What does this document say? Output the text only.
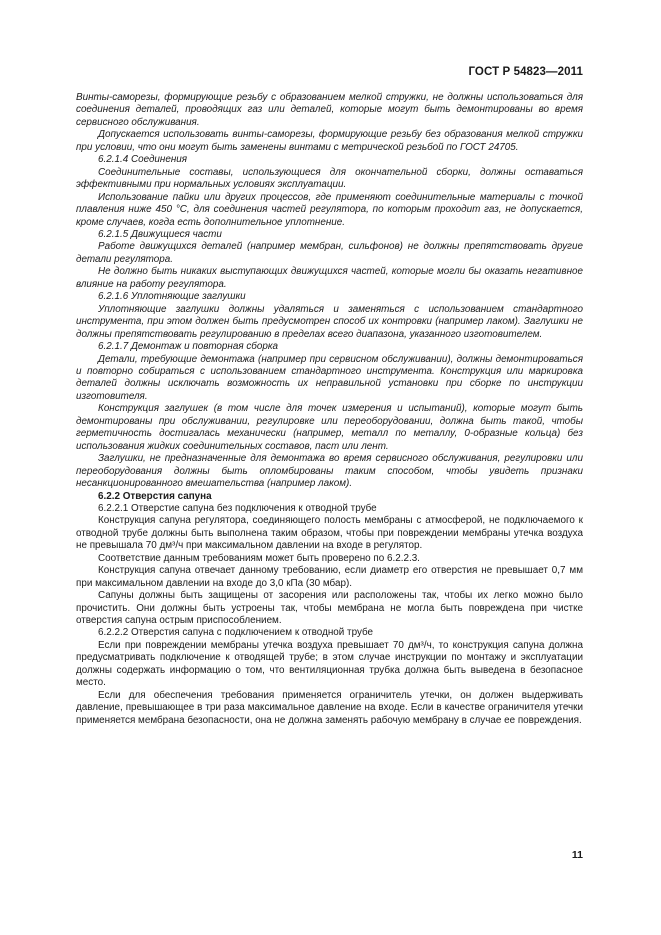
ГОСТ Р 54823—2011

Винты-саморезы, формирующие резьбу с образованием мелкой стружки, не должны использоваться для соединения деталей, проводящих газ или деталей, которые могут быть демонтированы во время сервисного обслуживания.

Допускается использовать винты-саморезы, формирующие резьбу без образования мелкой стружки при условии, что они могут быть заменены винтами с метрической резьбой по ГОСТ 24705.

6.2.1.4 Соединения

Соединительные составы, использующиеся для окончательной сборки, должны оставаться эффективными при нормальных условиях эксплуатации.

Использование пайки или других процессов, где применяют соединительные материалы с точкой плавления ниже 450 °С, для соединения частей регулятора, по которым проходит газ, не допускается, кроме случаев, когда есть дополнительное уплотнение.

6.2.1.5 Движущиеся части

Работе движущихся деталей (например мембран, сильфонов) не должны препятствовать другие детали регулятора.

Не должно быть никаких выступающих движущихся частей, которые могли бы оказать негативное влияние на работу регулятора.

6.2.1.6 Уплотняющие заглушки

Уплотняющие заглушки должны удаляться и заменяться с использованием стандартного инструмента, при этом должен быть предусмотрен способ их контровки (например лаком). Заглушки не должны препятствовать регулированию в пределах всего диапазона, указанного изготовителем.

6.2.1.7 Демонтаж и повторная сборка

Детали, требующие демонтажа (например при сервисном обслуживании), должны демонтироваться и повторно собираться с использованием стандартного инструмента. Конструкция или маркировка деталей должны исключать возможность их неправильной установки при сборке по инструкции изготовителя.

Конструкция заглушек (в том числе для точек измерения и испытаний), которые могут быть демонтированы при обслуживании, регулировке или переоборудовании, должна быть такой, чтобы герметичность достигалась механически (например, металл по металлу, 0-образные кольца) без использования жидких соединительных составов, паст или лент.

Заглушки, не предназначенные для демонтажа во время сервисного обслуживания, регулировки или переоборудования должны быть опломбированы таким способом, чтобы увидеть признаки несанкционированного вмешательства (например лаком).

6.2.2 Отверстия сапуна

6.2.2.1 Отверстие сапуна без подключения к отводной трубе

Конструкция сапуна регулятора, соединяющего полость мембраны с атмосферой, не подключаемого к отводной трубе должны быть выполнена таким образом, чтобы при повреждении мембраны утечка воздуха не превышала 70 дм³/ч при максимальном давлении на входе в регулятор.

Соответствие данным требованиям может быть проверено по 6.2.2.3.

Конструкция сапуна отвечает данному требованию, если диаметр его отверстия не превышает 0,7 мм при максимальном давлении на входе до 3,0 кПа (30 мбар).

Сапуны должны быть защищены от засорения или расположены так, чтобы их легко можно было прочистить. Они должны быть устроены так, чтобы мембрана не могла быть повреждена при чистке отверстия сапуна острым приспособлением.

6.2.2.2 Отверстия сапуна с подключением к отводной трубе

Если при повреждении мембраны утечка воздуха превышает 70 дм³/ч, то конструкция сапуна должна предусматривать подключение к отводящей трубе; в этом случае инструкции по монтажу и эксплуатации должны содержать информацию о том, что вентиляционная трубка должна быть выведена в безопасное место.

Если для обеспечения требования применяется ограничитель утечки, он должен выдерживать давление, превышающее в три раза максимальное давление на входе. Если в качестве ограничителя утечки применяется мембрана безопасности, она не должна заменять рабочую мембрану в случае ее повреждения.

11
